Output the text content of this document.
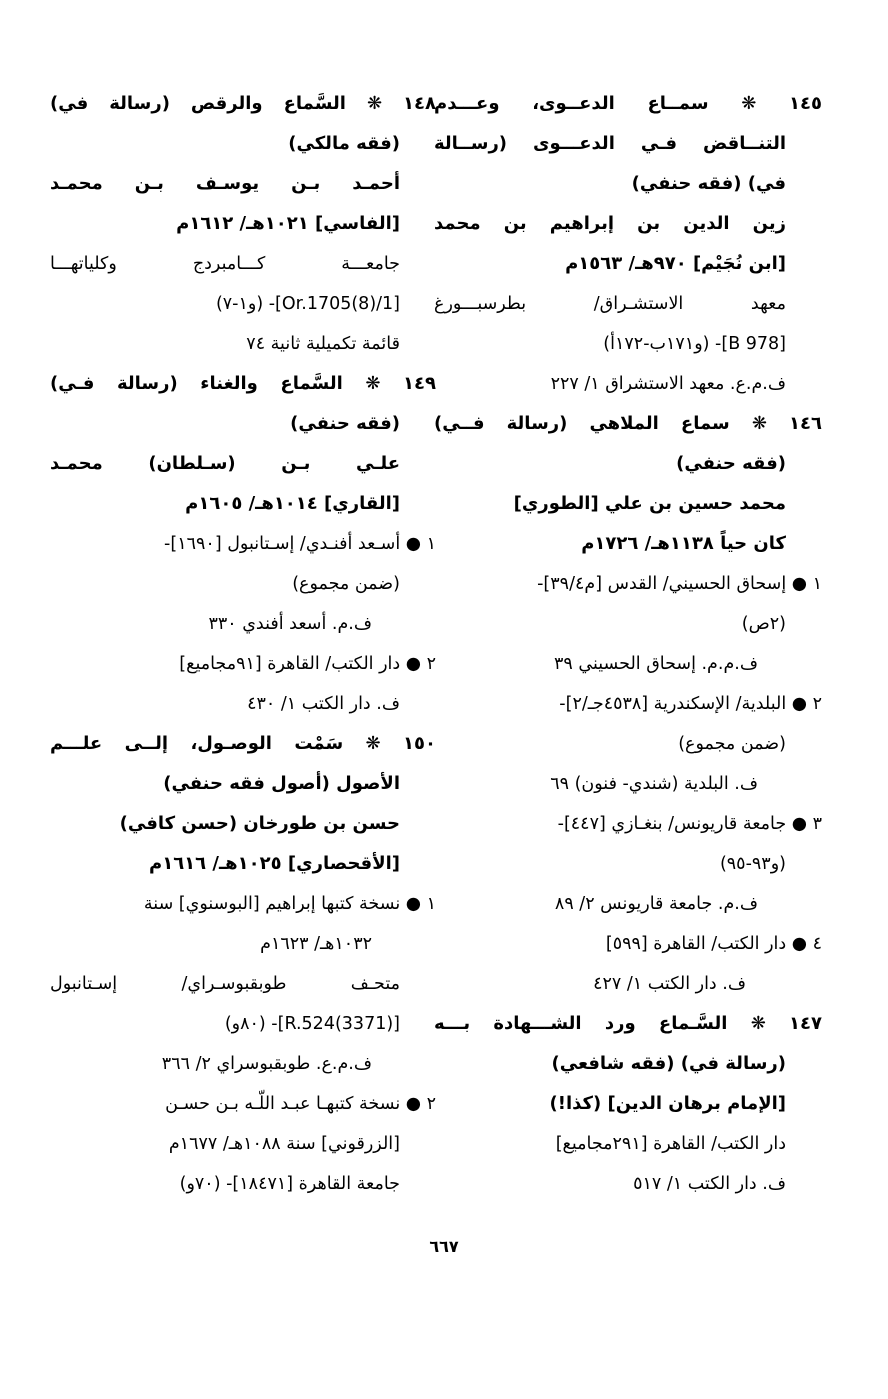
١٤٥ ❋ سمــاع الدعــوى، وعـــدم
التنــاقض فـي الدعـــوى (رســالة
في) (فقه حنفي)
زين الدين بن إبراهيم بن محمد
[ابن نُجَيْم] ٩٧٠هـ/ ١٥٦٣م
معهد الاستشـراق/ بطرسبـــورغ
[B 978]- (و١٧١ب-١٧٢أ)
ف.م.ع. معهد الاستشراق ١/ ٢٢٧
١٤٦ ❋ سماع الملاهي (رسالة فــي)
(فقه حنفي)
محمد حسين بن علي [الطوري]
كان حياً ١١٣٨هـ/ ١٧٢٦م
١ ● إسحاق الحسيني/ القدس [م٣٩/٤]-
(٢ص)
ف.م.م. إسحاق الحسيني ٣٩
٢ ● البلدية/ الإسكندرية [٤٥٣٨جـ/٢]-
(ضمن مجموع)
ف. البلدية (شندي- فنون) ٦٩
٣ ● جامعة قاريونس/ بنغـازي [٤٤٧]-
(و٩٣-٩٥)
ف.م. جامعة قاريونس ٢/ ٨٩
٤ ● دار الكتب/ القاهرة [٥٩٩]
ف. دار الكتب ١/ ٤٢٧
١٤٧ ❋ السَّـماع ورد الشـــهادة بـــه
(رسالة في) (فقه شافعي)
[الإمام برهان الدين] (كذا!)
دار الكتب/ القاهرة [٢٩١مجاميع]
ف. دار الكتب ١/ ٥١٧
١٤٨ ❋ السَّماع والرقص (رسالة في)
(فقه مالكي)
أحمـد بـن يوسـف بـن محمـد
[الفاسي] ١٠٢١هـ/ ١٦١٢م
جامعـــة كـــامبردج وكلياتهـــا
[Or.1705(8)/1]- (و١-٧)
قائمة تكميلية ثانية ٧٤
١٤٩ ❋ السَّماع والغناء (رسالة فـي)
(فقه حنفي)
علـي بـن (سـلطان) محمـد
[القاري] ١٠١٤هـ/ ١٦٠٥م
١ ● أسـعد أفنـدي/ إسـتانبول [١٦٩٠]-
(ضمن مجموع)
ف.م. أسعد أفندي ٣٣٠
٢ ● دار الكتب/ القاهرة [٩١مجاميع]
ف. دار الكتب ١/ ٤٣٠
١٥٠ ❋ سَمْت الوصـول، إلــى علـــم
الأصول (أصول فقه حنفي)
حسن بن طورخان (حسن كافي)
[الأقحصاري] ١٠٢٥هـ/ ١٦١٦م
١ ● نسخة كتبها إبراهيم [البوسنوي] سنة
١٠٣٢هـ/ ١٦٢٣م
متحـف طوبقبوسـراي/ إسـتانبول
[(3371)R.524]- (٨٠و)
ف.م.ع. طوبقبوسراي ٢/ ٣٦٦
٢ ● نسخة كتبهـا عبـد اللّـه بـن حسـن
[الزرقوني] سنة ١٠٨٨هـ/ ١٦٧٧م
جامعة القاهرة [١٨٤٧١]- (٧٠و)
٦٦٧
